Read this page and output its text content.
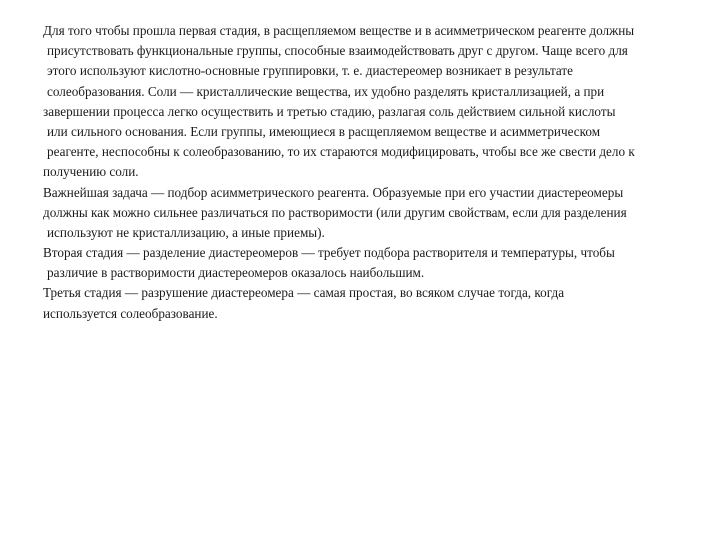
Для того чтобы прошла первая стадия, в расщепляемом веществе и в асимметрическом реагенте должны
присутствовать функциональные группы, способные взаимодействовать друг с другом. Чаще всего для
этого используют кислотно-основные группировки, т. е. диастереомер возникает в результате
солеобразования. Соли — кристаллические вещества, их удобно разделять кристаллизацией, а при
завершении процесса легко осуществить и третью стадию, разлагая соль действием сильной кислоты
или сильного основания. Если группы, имеющиеся в расщепляемом веществе и асимметрическом
реагенте, неспособны к солеобразованию, то их стараются модифицировать, чтобы все же свести дело к
получению соли.
Важнейшая задача — подбор асимметрического реагента. Образуемые при его участии диастереомеры
должны как можно сильнее различаться по растворимости (или другим свойствам, если для разделения
используют не кристаллизацию, а иные приемы).
Вторая стадия — разделение диастереомеров — требует подбора растворителя и температуры, чтобы
различие в растворимости диастереомеров оказалось наибольшим.
Третья стадия — разрушение диастереомера — самая простая, во всяком случае тогда, когда
используется солеобразование.
